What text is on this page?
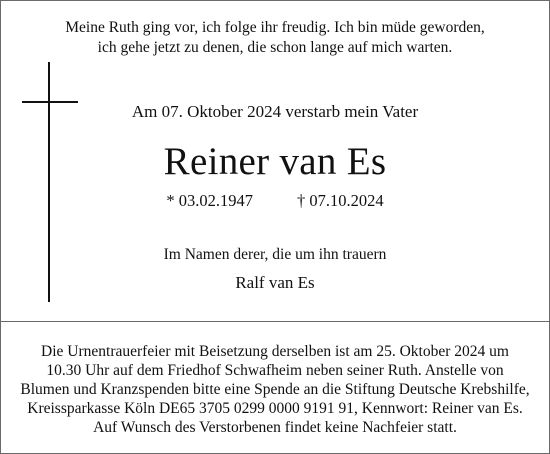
Meine Ruth ging vor, ich folge ihr freudig. Ich bin müde geworden,
ich gehe jetzt zu denen, die schon lange auf mich warten.
Am 07. Oktober 2024 verstarb mein Vater
Reiner van Es
* 03.02.1947	† 07.10.2024
Im Namen derer, die um ihn trauern
Ralf van Es
Die Urnentrauerfeier mit Beisetzung derselben ist am 25. Oktober 2024 um
10.30 Uhr auf dem Friedhof Schwafheim neben seiner Ruth. Anstelle von
Blumen und Kranzspenden bitte eine Spende an die Stiftung Deutsche Krebshilfe,
Kreissparkasse Köln DE65 3705 0299 0000 9191 91, Kennwort: Reiner van Es.
Auf Wunsch des Verstorbenen findet keine Nachfeier statt.
